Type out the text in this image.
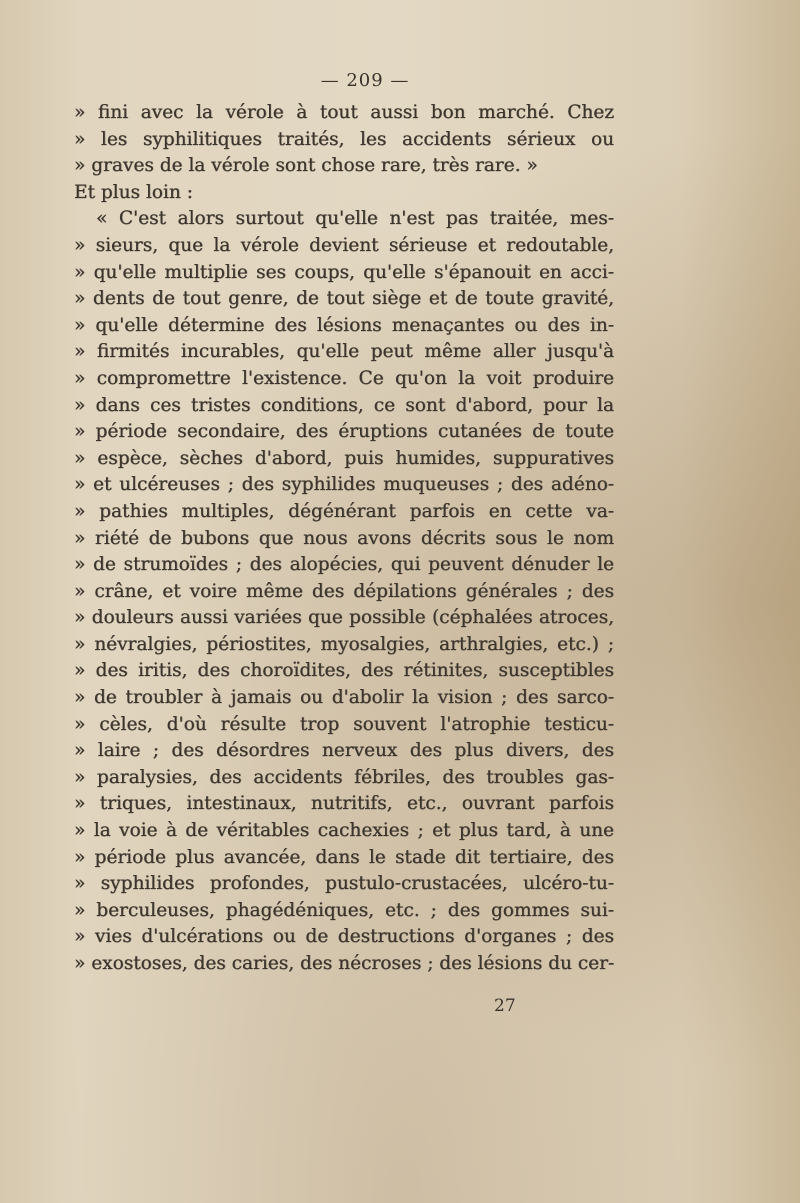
— 209 —
» fini avec la vérole à tout aussi bon marché. Chez
» les syphilitiques traités, les accidents sérieux ou
» graves de la vérole sont chose rare, très rare. »
Et plus loin :
« C'est alors surtout qu'elle n'est pas traitée, mes-
» sieurs, que la vérole devient sérieuse et redoutable,
» qu'elle multiplie ses coups, qu'elle s'épanouit en acci-
» dents de tout genre, de tout siège et de toute gravité,
» qu'elle détermine des lésions menaçantes ou des in-
» firmités incurables, qu'elle peut même aller jusqu'à
» compromettre l'existence. Ce qu'on la voit produire
» dans ces tristes conditions, ce sont d'abord, pour la
» période secondaire, des éruptions cutanées de toute
» espèce, sèches d'abord, puis humides, suppuratives
» et ulcéreuses ; des syphilides muqueuses ; des adéno-
» pathies multiples, dégénérant parfois en cette va-
» riété de bubons que nous avons décrits sous le nom
» de strumoïdes ; des alopécies, qui peuvent dénuder le
» crâne, et voire même des dépilations générales ; des
» douleurs aussi variées que possible (céphalées atroces,
» névralgies, périostites, myosalgies, arthralgies, etc.) ;
» des iritis, des choroïdites, des rétinites, susceptibles
» de troubler à jamais ou d'abolir la vision ; des sarco-
» cèles, d'où résulte trop souvent l'atrophie testicu-
» laire ; des désordres nerveux des plus divers, des
» paralysies, des accidents fébriles, des troubles gas-
» triques, intestinaux, nutritifs, etc., ouvrant parfois
» la voie à de véritables cachexies ; et plus tard, à une
» période plus avancée, dans le stade dit tertiaire, des
» syphilides profondes, pustulo-crustacées, ulcéro-tu-
» berculeuses, phagédéniques, etc. ; des gommes sui-
» vies d'ulcérations ou de destructions d'organes ; des
» exostoses, des caries, des nécroses ; des lésions du cer-
27
